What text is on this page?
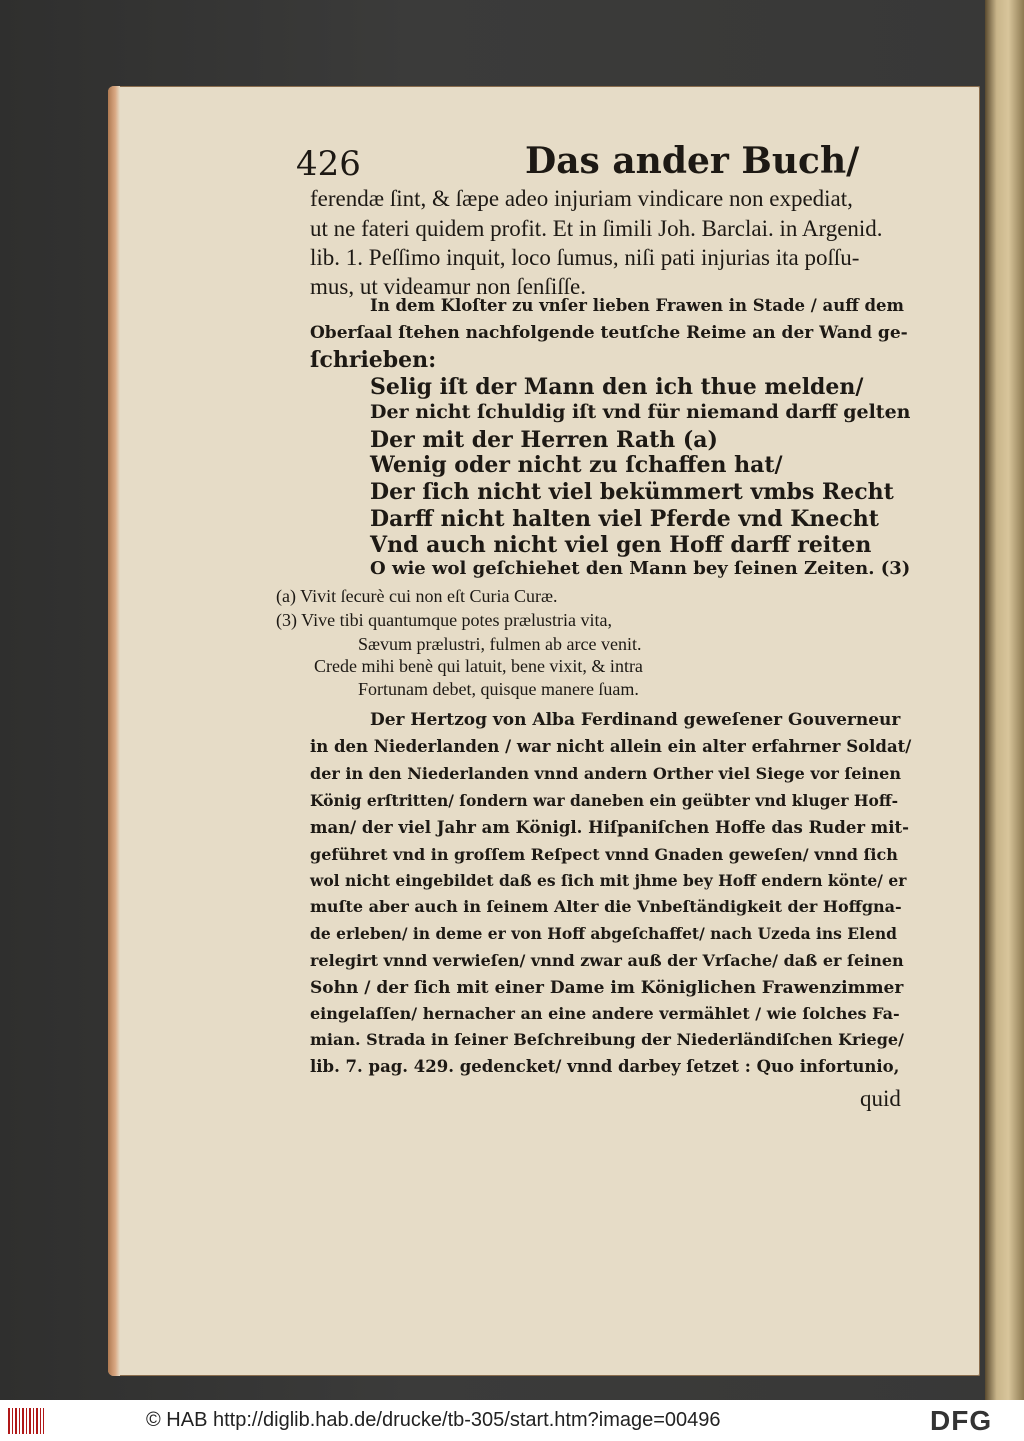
426	Das ander Buch/
ferendæ ſint, & ſæpe adeo injuriam vindicare non expediat,
ut ne fateri quidem profit. Et in ſimili Joh. Barclai. in Argenid.
lib. 1. Peſſimo inquit, loco ſumus, niſi pati injurias ita poſſu-
mus, ut videamur non ſenſiſſe.
In dem Kloſter zu vnſer lieben Frawen in Stade / auff dem
Oberſaal ſtehen nachfolgende teutſche Reime an der Wand ge-
ſchrieben:
Selig iſt der Mann den ich thue melden/
Der nicht ſchuldig iſt vnd für niemand darff gelten
Der mit der Herren Rath (a)
Wenig oder nicht zu ſchaffen hat/
Der ſich nicht viel bekümmert vmbs Recht
Darff nicht halten viel Pferde vnd Knecht
Vnd auch nicht viel gen Hoff darff reiten
O wie wol geſchiehet den Mann bey ſeinen Zeiten. (3)
(a) Vivit ſecurè cui non eſt Curia Curæ.
(3) Vive tibi quantumque potes prælustria vita,
Sævum prælustri, fulmen ab arce venit.
Crede mihi benè qui latuit, bene vixit, & intra
Fortunam debet, quisque manere ſuam.
Der Hertzog von Alba Ferdinand geweſener Gouverneur
in den Niederlanden / war nicht allein ein alter erfahrner Soldat/
der in den Niederlanden vnnd andern Orther viel Siege vor ſeinen
König erſtritten/ ſondern war daneben ein geübter vnd kluger Hoff-
man/ der viel Jahr am Königl. Hiſpaniſchen Hoffe das Ruder mit-
geführet vnd in groſſem Reſpect vnnd Gnaden geweſen/ vnnd ſich
wol nicht eingebildet daß es ſich mit jhme bey Hoff endern könte/ er
muſte aber auch in ſeinem Alter die Vnbeſtändigkeit der Hoffgna-
de erleben/ in deme er von Hoff abgeſchaffet/ nach Uzeda ins Elend
relegirt vnnd verwieſen/ vnnd zwar auß der Vrſache/ daß er ſeinen
Sohn / der ſich mit einer Dame im Königlichen Frawenzimmer
eingelaſſen/ hernacher an eine andere vermählet / wie ſolches Fa-
mian. Strada in ſeiner Beſchreibung der Niederländiſchen Kriege/
lib. 7. pag. 429. gedencket/ vnnd darbey ſetzet : Quo infortunio,
quid
© HAB http://diglib.hab.de/drucke/tb-305/start.htm?image=00496	DFG
